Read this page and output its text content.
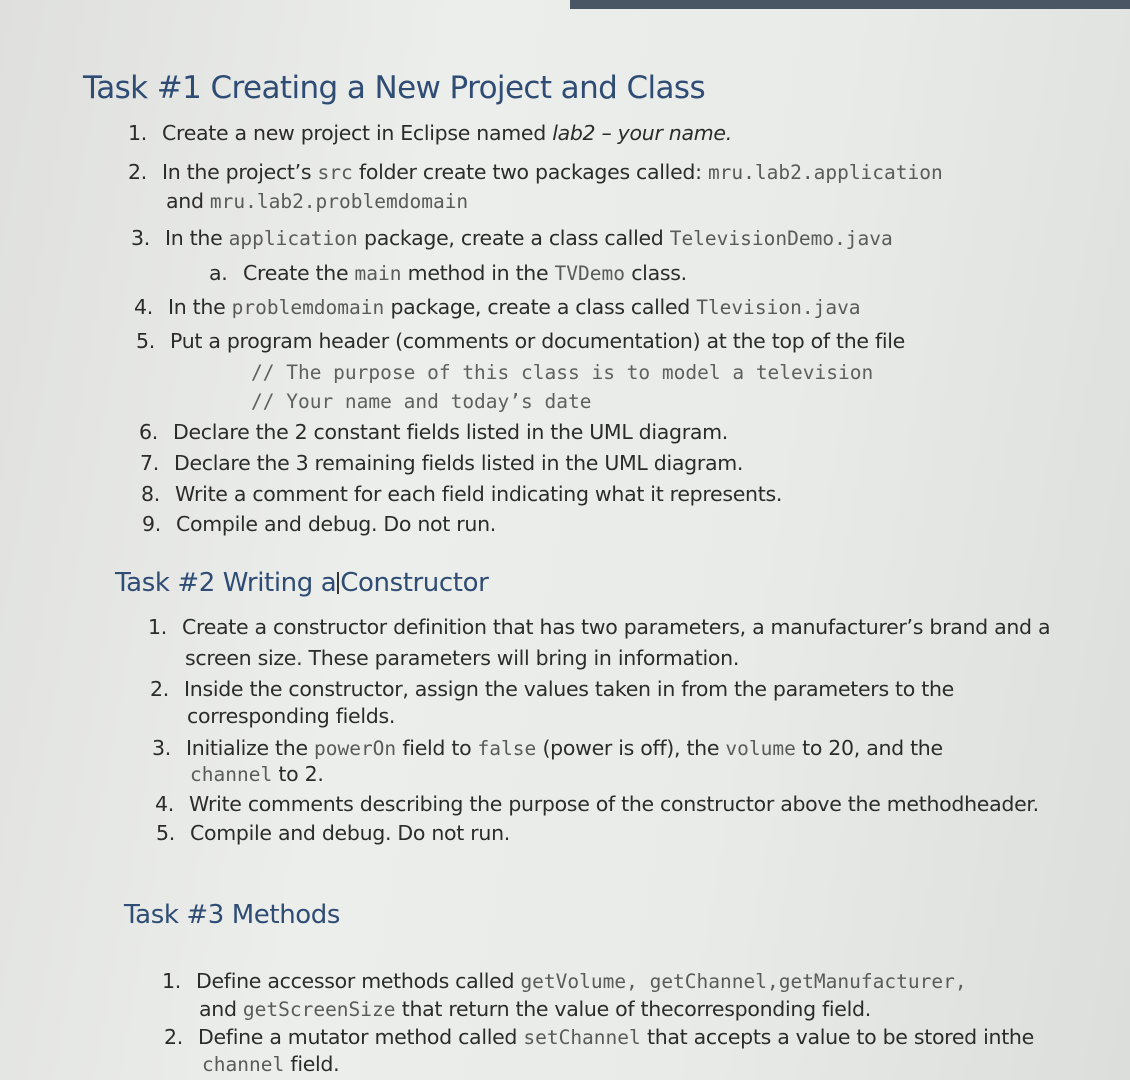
Task #1 Creating a New Project and Class
1. Create a new project in Eclipse named lab2 – your name.
2. In the project’s src folder create two packages called: mru.lab2.application
and mru.lab2.problemdomain
3. In the application package, create a class called TelevisionDemo.java
a. Create the main method in the TVDemo class.
4. In the problemdomain package, create a class called Tlevision.java
5. Put a program header (comments or documentation) at the top of the file
// The purpose of this class is to model a television
// Your name and today’s date
6. Declare the 2 constant fields listed in the UML diagram.
7. Declare the 3 remaining fields listed in the UML diagram.
8. Write a comment for each field indicating what it represents.
9. Compile and debug. Do not run.
Task #2 Writing a Constructor
1. Create a constructor definition that has two parameters, a manufacturer’s brand and a
screen size. These parameters will bring in information.
2. Inside the constructor, assign the values taken in from the parameters to the
corresponding fields.
3. Initialize the powerOn field to false (power is off), the volume to 20, and the
channel to 2.
4. Write comments describing the purpose of the constructor above the methodheader.
5. Compile and debug. Do not run.
Task #3 Methods
1. Define accessor methods called getVolume, getChannel,getManufacturer,
and getScreenSize that return the value of thecorresponding field.
2. Define a mutator method called setChannel that accepts a value to be stored inthe
channel field.
